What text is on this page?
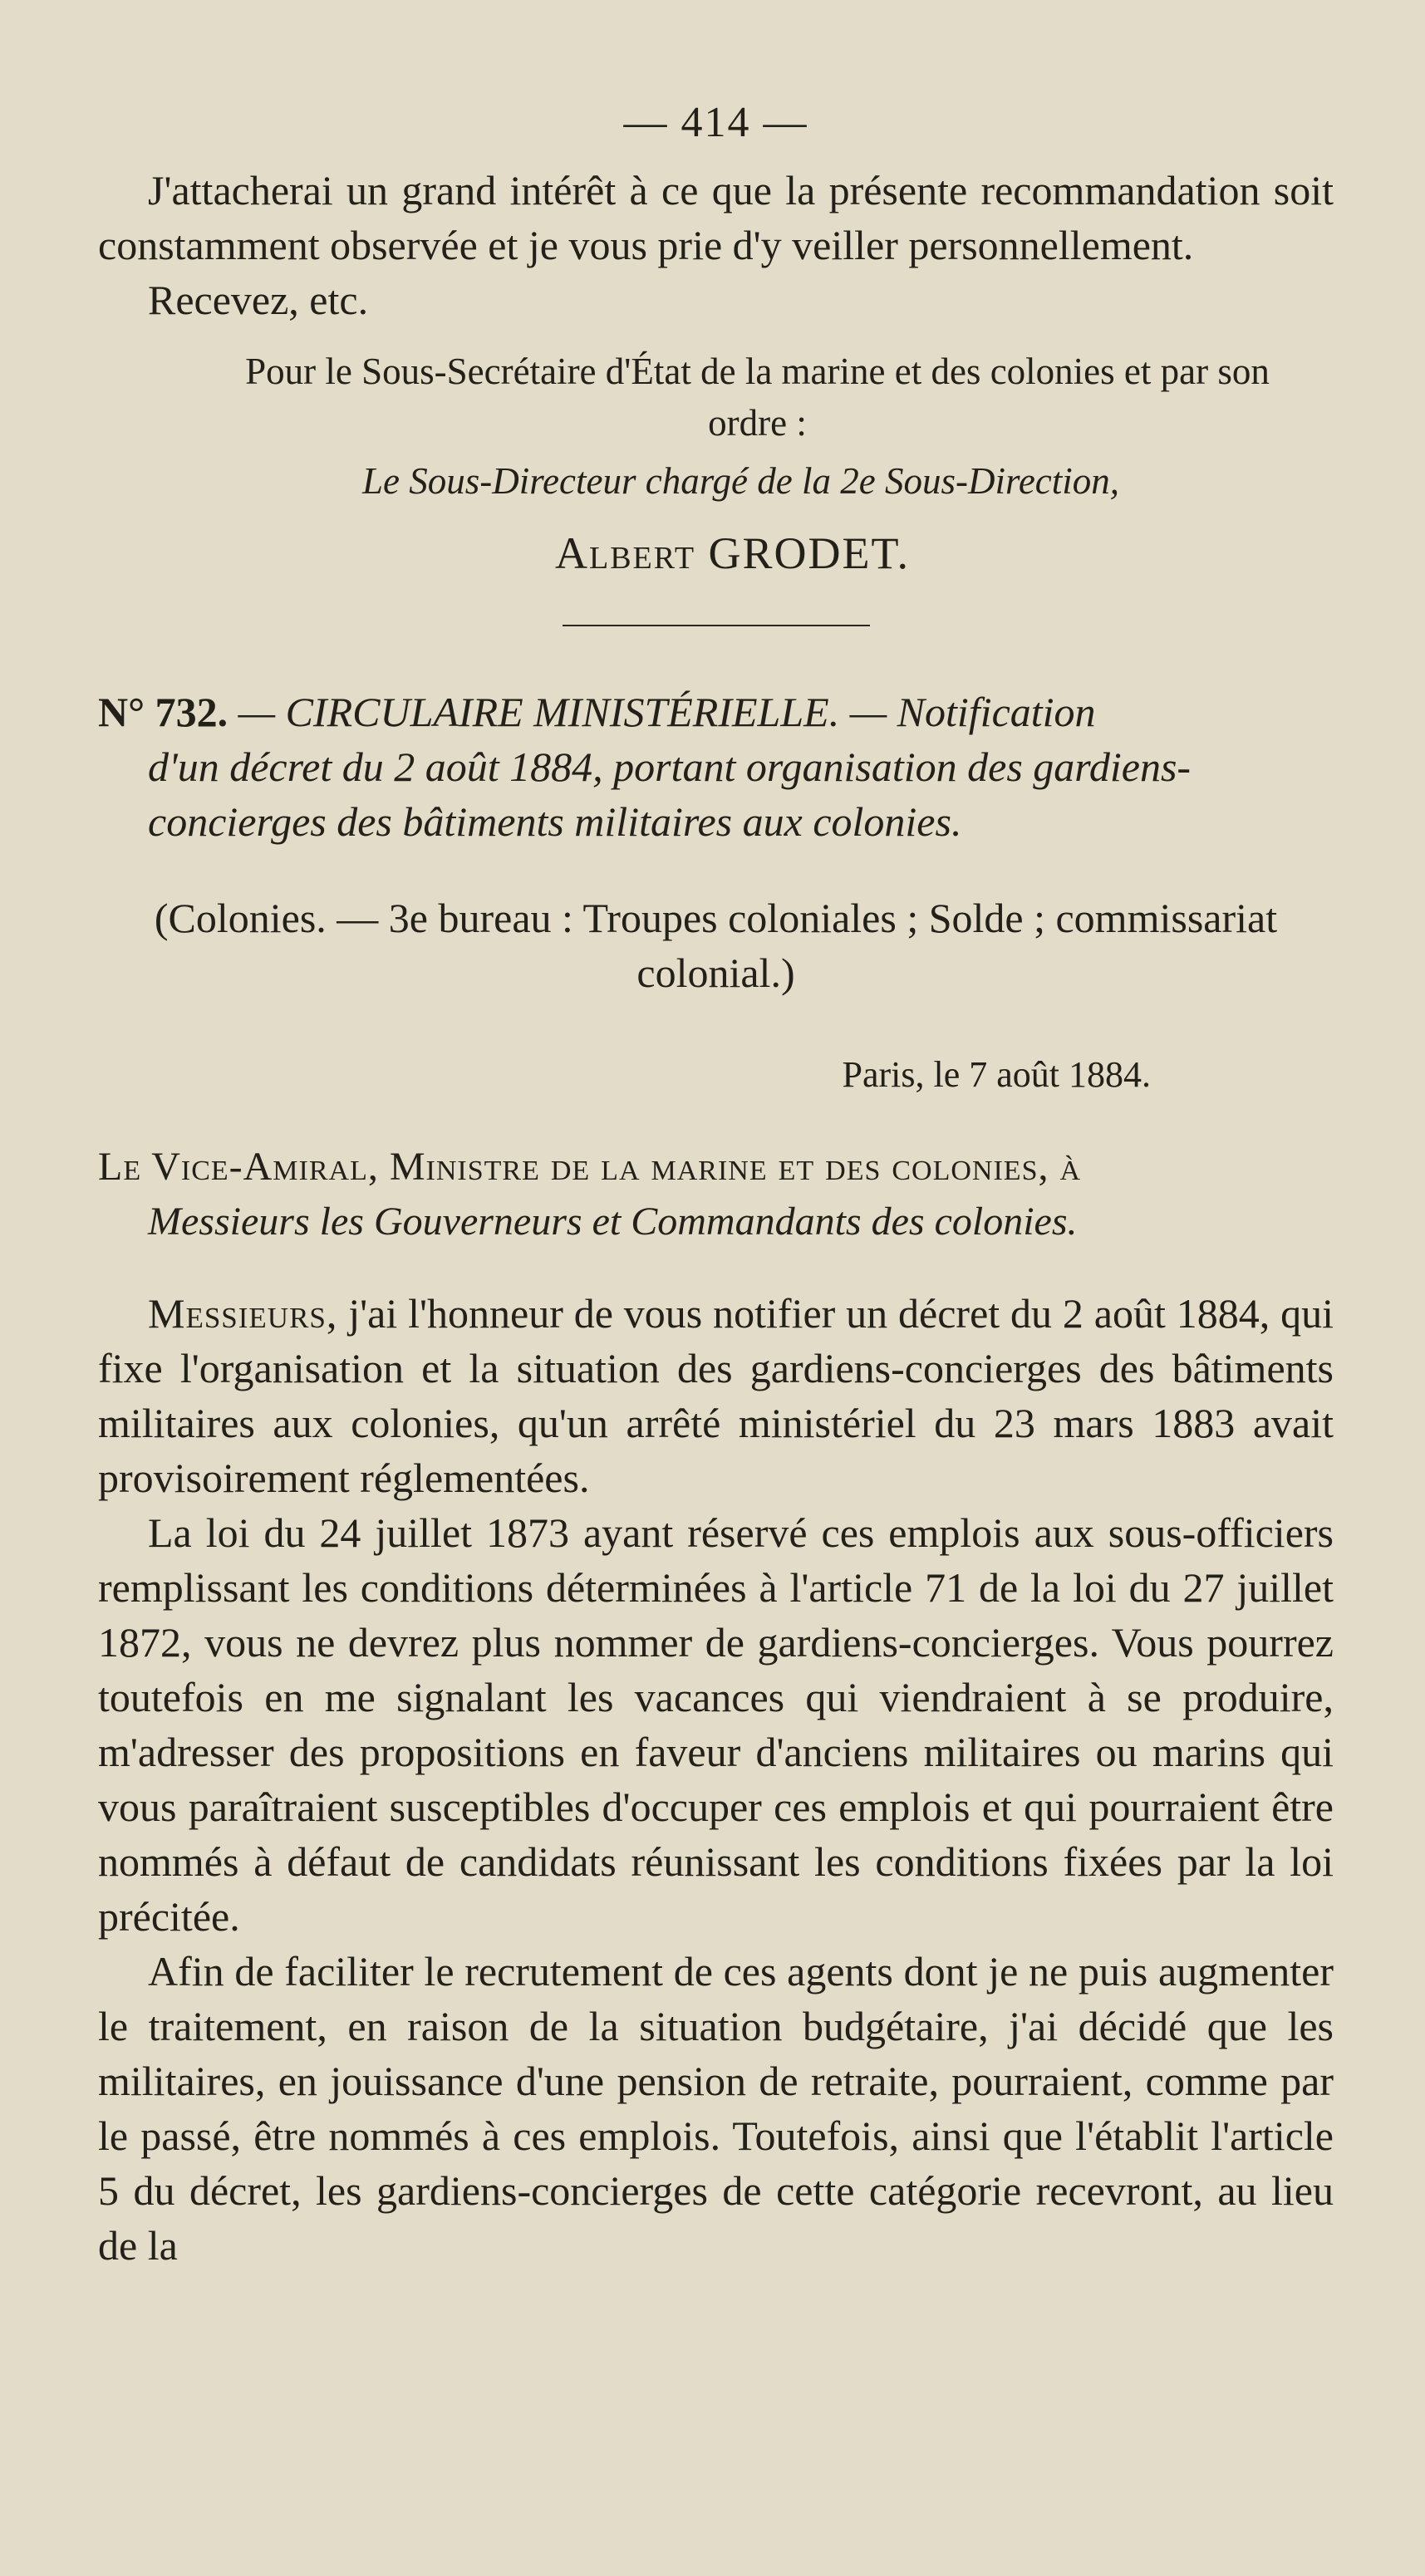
— 414 —

J'attacherai un grand intérêt à ce que la présente recommandation soit constamment observée et je vous prie d'y veiller personnellement.

Recevez, etc.

Pour le Sous-Secrétaire d'État de la marine et des colonies et par son ordre :

Le Sous-Directeur chargé de la 2e Sous-Direction,

Albert GRODET.

N° 732. — CIRCULAIRE MINISTÉRIELLE. — Notification
d'un décret du 2 août 1884, portant organisation des gardiens-concierges des bâtiments militaires aux colonies.

(Colonies. — 3e bureau : Troupes coloniales ; Solde ; commissariat colonial.)

Paris, le 7 août 1884.

Le Vice-Amiral, Ministre de la marine et des colonies, à
Messieurs les Gouverneurs et Commandants des colonies.

Messieurs, j'ai l'honneur de vous notifier un décret du 2 août 1884, qui fixe l'organisation et la situation des gardiens-concierges des bâtiments militaires aux colonies, qu'un arrêté ministériel du 23 mars 1883 avait provisoirement réglementées.

La loi du 24 juillet 1873 ayant réservé ces emplois aux sous-officiers remplissant les conditions déterminées à l'article 71 de la loi du 27 juillet 1872, vous ne devrez plus nommer de gardiens-concierges. Vous pourrez toutefois en me signalant les vacances qui viendraient à se produire, m'adresser des propositions en faveur d'anciens militaires ou marins qui vous paraîtraient susceptibles d'occuper ces emplois et qui pourraient être nommés à défaut de candidats réunissant les conditions fixées par la loi précitée.

Afin de faciliter le recrutement de ces agents dont je ne puis augmenter le traitement, en raison de la situation budgétaire, j'ai décidé que les militaires, en jouissance d'une pension de retraite, pourraient, comme par le passé, être nommés à ces emplois. Toutefois, ainsi que l'établit l'article 5 du décret, les gardiens-concierges de cette catégorie recevront, au lieu de la
